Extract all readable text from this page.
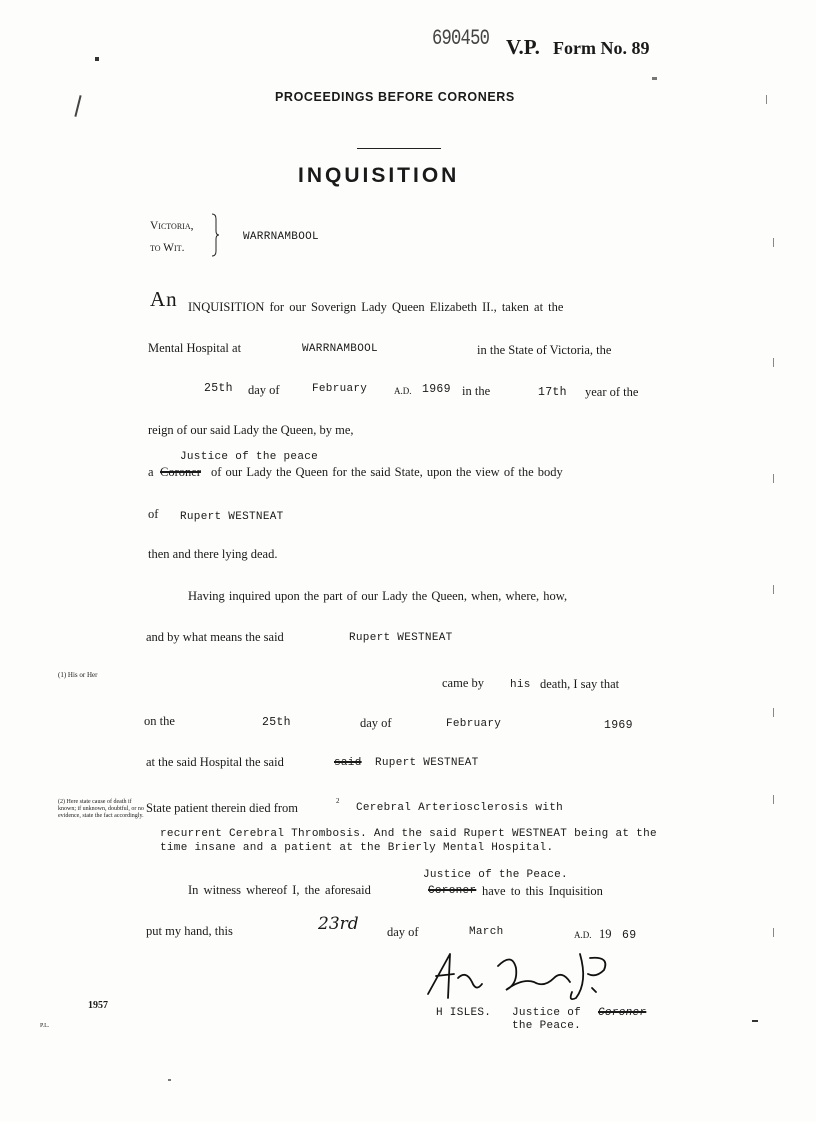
690450 V.P. Form No. 89
PROCEEDINGS BEFORE CORONERS
INQUISITION
Victoria,
to Wit.
WARRNAMBOOL
An INQUISITION for our Soverign Lady Queen Elizabeth II., taken at the
Mental Hospital at	WARRNAMBOOL	in the State of Victoria, the
25th day of	February	A.D. 1969 in the	17th year of the
reign of our said Lady the Queen, by me,
Justice of the peace
a Coroner of our Lady the Queen for the said State, upon the view of the body
of Rupert WESTNEAT
then and there lying dead.
Having inquired upon the part of our Lady the Queen, when, where, how,
and by what means the said	Rupert WESTNEAT
(1) His or Her
came by his death, I say that
on the	25th	day of	February	1969
at the said Hospital the said	said Rupert WESTNEAT
(2) Here state cause of death if known; if unknown, doubtful, or no evidence, state the fact accordingly.
State patient therein died from	2
Cerebral Arteriosclerosis with
recurrent Cerebral Thrombosis. And the said Rupert WESTNEAT being at the
time insane and a patient at the Brierly Mental Hospital.
Justice of the Peace.
In witness whereof I, the aforesaid	Coroner have to this Inquisition
put my hand, this	23rd day of	March	A.D. 19 69
H ISLES. Justice of Coroner
the Peace.
1957
P.L.
